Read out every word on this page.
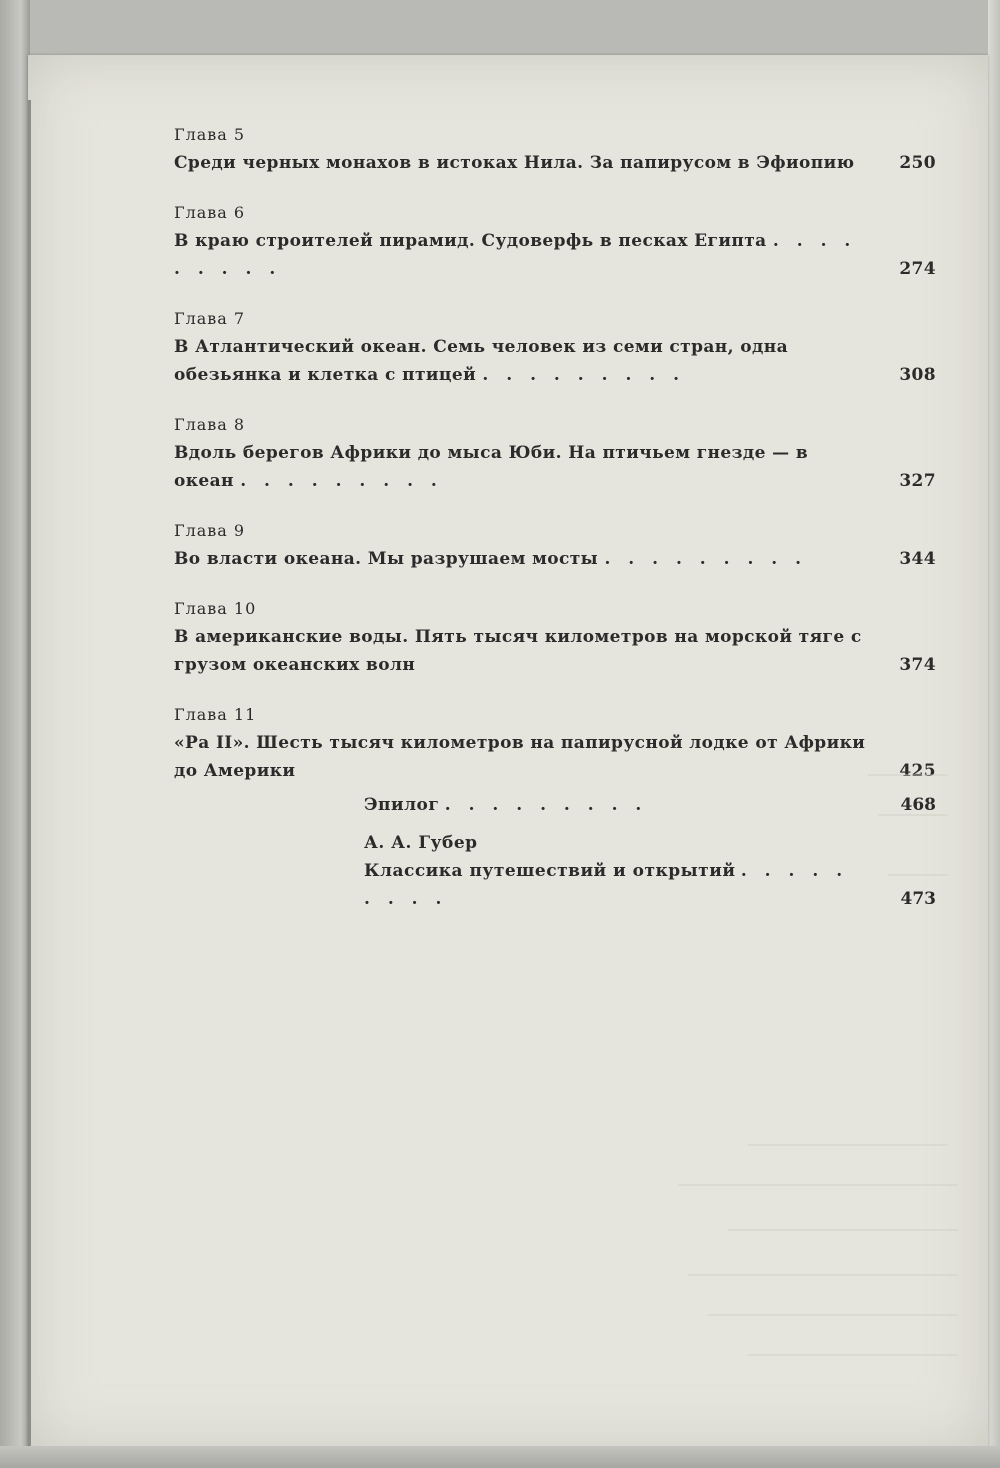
Глава 5
Среди черных монахов в истоках Нила. За папирусом в Эфиопию	250
Глава 6
В краю строителей пирамид. Судоверфь в песках Египта . . . . . . . . .	274
Глава 7
В Атлантический океан. Семь человек из семи стран, одна обезьянка и клетка с птицей . . . . . . . . .	308
Глава 8
Вдоль берегов Африки до мыса Юби. На птичьем гнезде — в океан . . . . . . . . .	327
Глава 9
Во власти океана. Мы разрушаем мосты . . . . . . . . .	344
Глава 10
В американские воды. Пять тысяч километров на морской тяге с грузом океанских волн	374
Глава 11
«Ра II». Шесть тысяч километров на папирусной лодке от Африки до Америки	425
Эпилог . . . . . . . . .	468
А. А. Губер
Классика путешествий и открытий . . . . . . . . .	473
